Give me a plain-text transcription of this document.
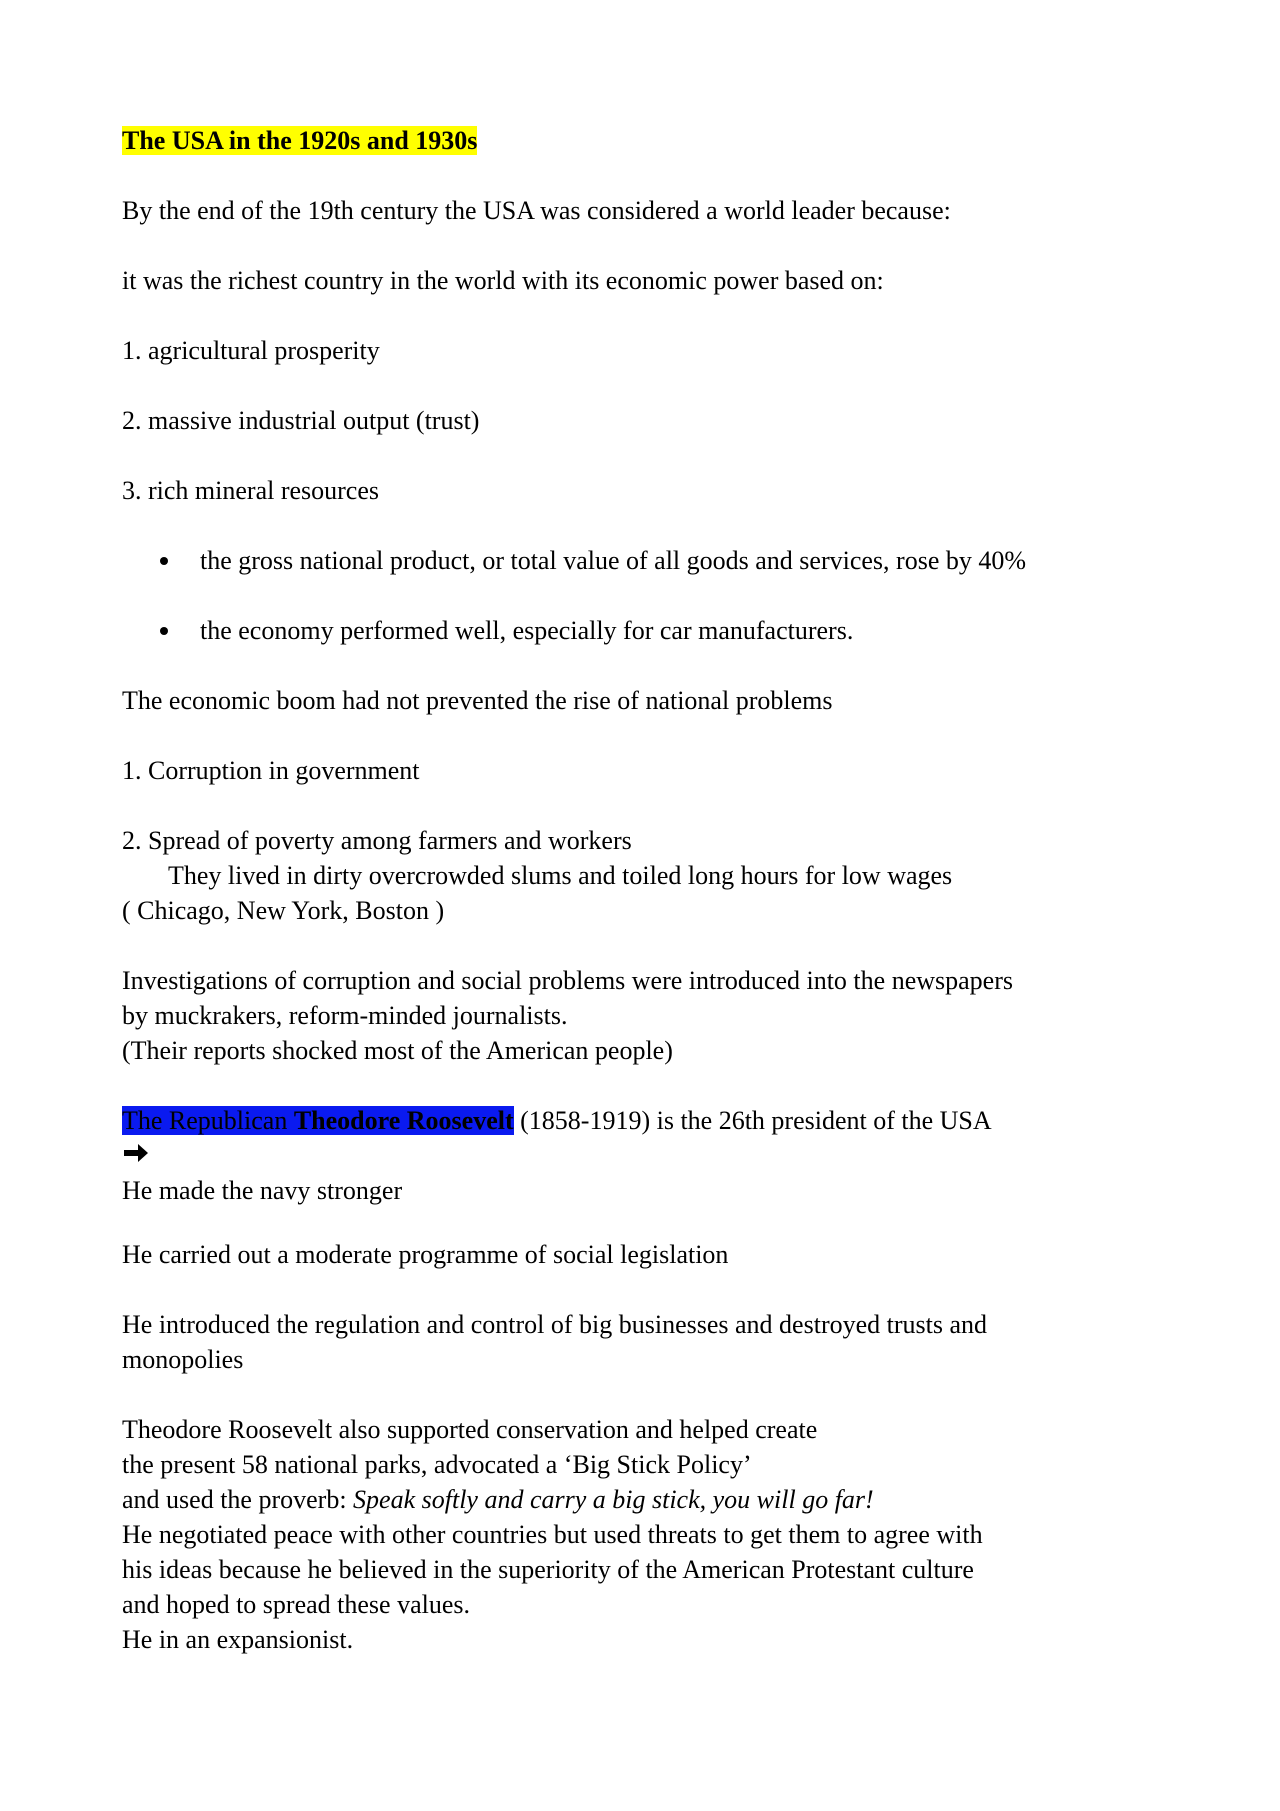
The USA in the 1920s and 1930s
By the end of the 19th century the USA was considered a world leader because:
it was the richest country in the world with its economic power based on:
1. agricultural prosperity
2. massive industrial output (trust)
3. rich mineral resources
the gross national product, or total value of all goods and services, rose by 40%
the economy performed well, especially for car manufacturers.
The economic boom had not prevented the rise of national problems
1. Corruption in government
2. Spread of poverty among farmers and workers
They lived in dirty overcrowded slums and toiled long hours for low wages
( Chicago, New York, Boston )
Investigations of corruption and social problems were introduced into the newspapers
by muckrakers, reform-minded journalists.
(Their reports shocked most of the American people)
The Republican Theodore Roosevelt (1858-1919) is the 26th president of the USA
He made the navy stronger
He carried out a moderate programme of social legislation
He introduced the regulation and control of big businesses and destroyed trusts and
monopolies
Theodore Roosevelt also supported conservation and helped create
the present 58 national parks, advocated a ‘Big Stick Policy’
and used the proverb: Speak softly and carry a big stick, you will go far!
He negotiated peace with other countries but used threats to get them to agree with
his ideas because he believed in the superiority of the American Protestant culture
and hoped to spread these values.
He in an expansionist.
